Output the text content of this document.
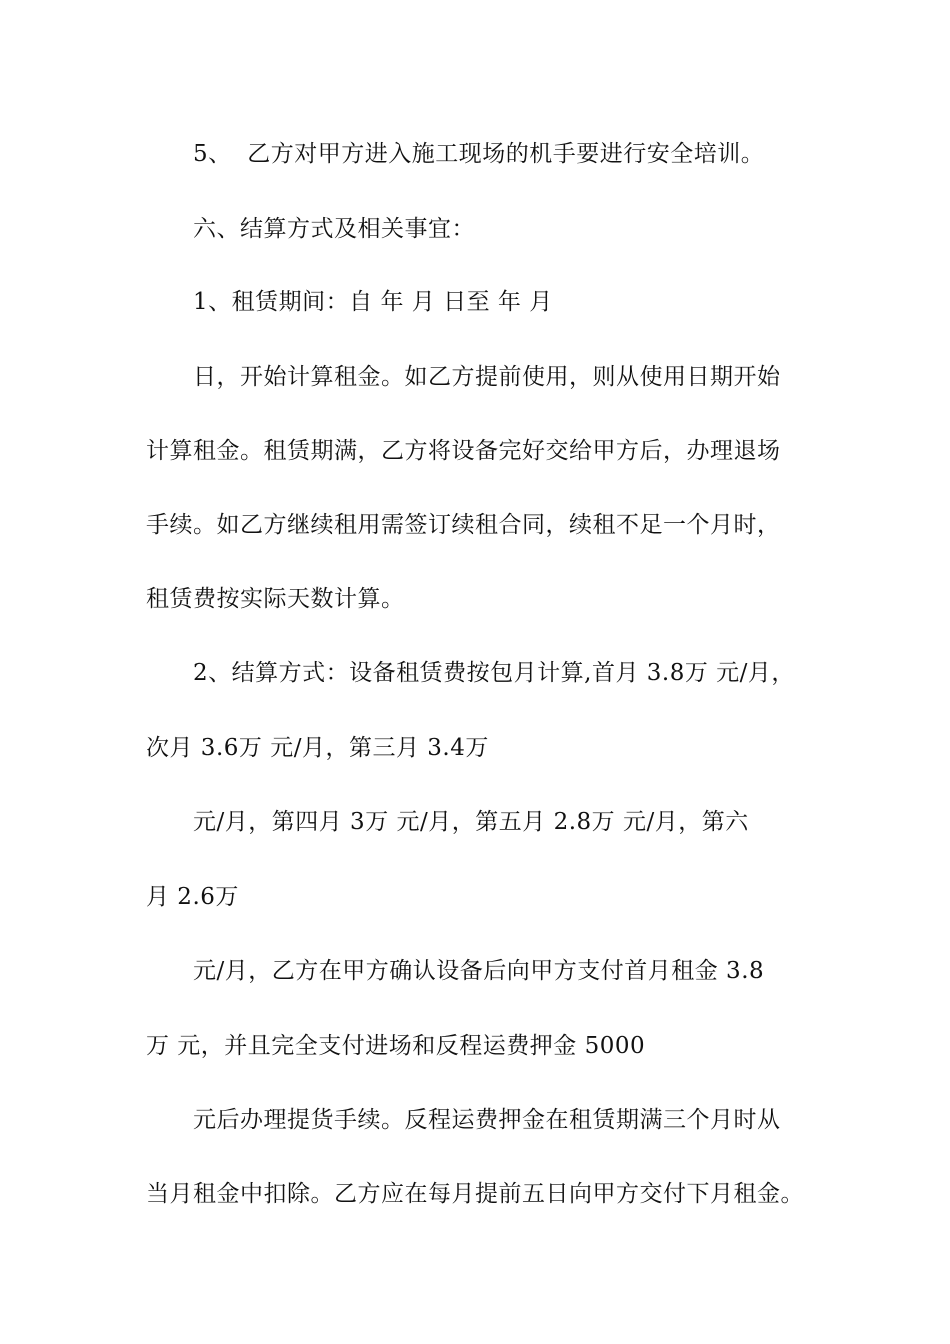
5、  乙方对甲方进入施工现场的机手要进行安全培训。
六、结算方式及相关事宜：
1、租赁期间：自 年 月 日至 年 月
日，开始计算租金。如乙方提前使用，则从使用日期开始
计算租金。租赁期满，乙方将设备完好交给甲方后，办理退场
手续。如乙方继续租用需签订续租合同，续租不足一个月时，
租赁费按实际天数计算。
2、结算方式：设备租赁费按包月计算,首月 3.8万 元/月，
次月 3.6万 元/月，第三月 3.4万
元/月，第四月 3万 元/月，第五月 2.8万 元/月，第六
月 2.6万
元/月，乙方在甲方确认设备后向甲方支付首月租金 3.8
万 元，并且完全支付进场和反程运费押金 5000
元后办理提货手续。反程运费押金在租赁期满三个月时从
当月租金中扣除。乙方应在每月提前五日向甲方交付下月租金。
